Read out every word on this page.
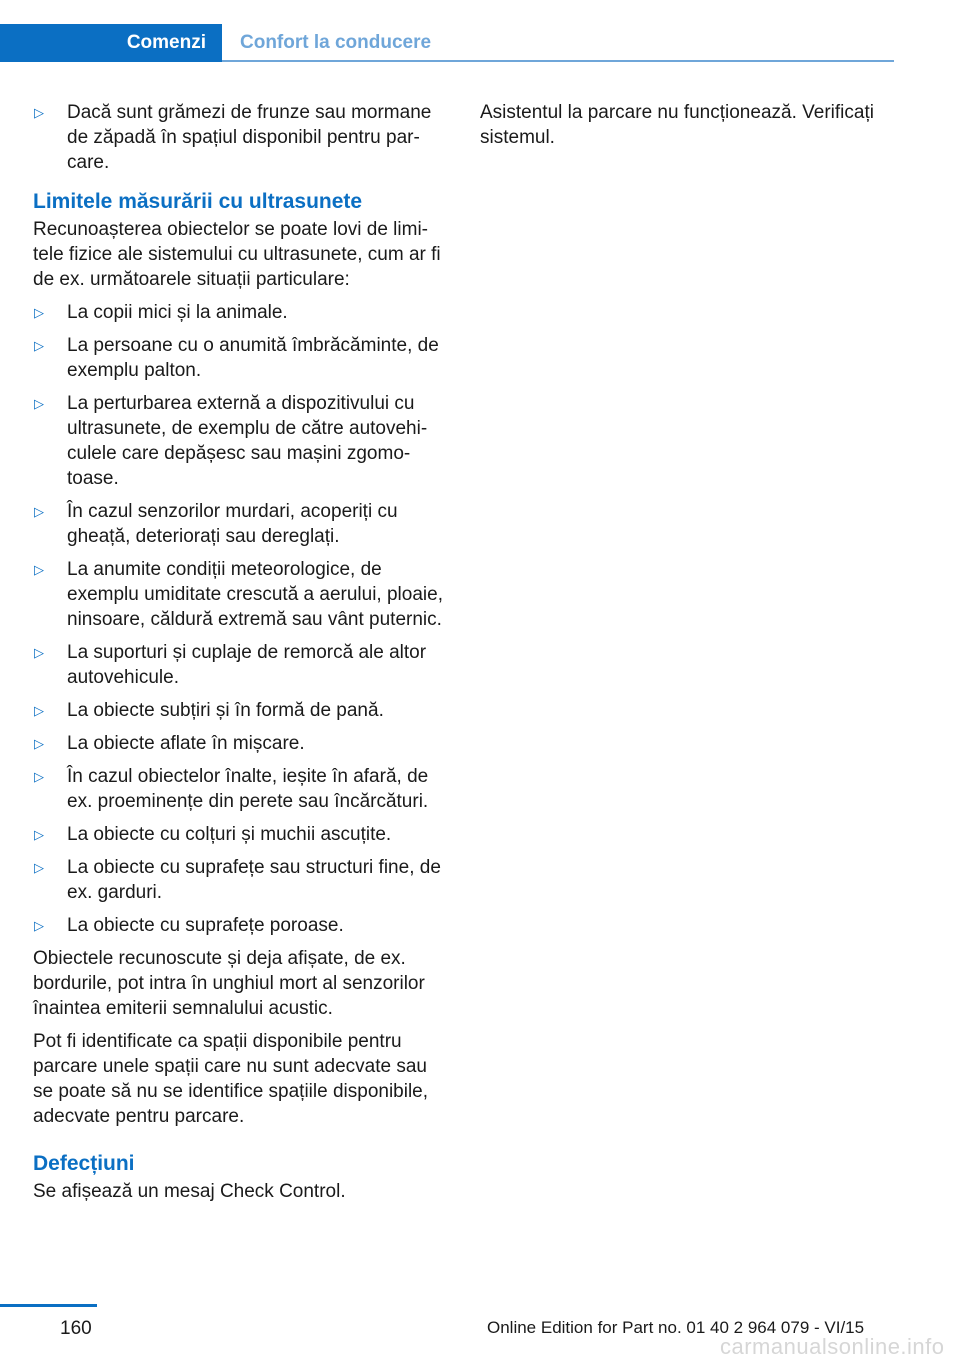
Comenzi Confort la conducere
▷	Dacă sunt grămezi de frunze sau mormane de zăpadă în spațiul disponibil pentru parcare.
Limitele măsurării cu ultrasunete
Recunoașterea obiectelor se poate lovi de limitele fizice ale sistemului cu ultrasunete, cum ar fi de ex. următoarele situații particulare:
▷	La copii mici și la animale.
▷	La persoane cu o anumită îmbrăcăminte, de exemplu palton.
▷	La perturbarea externă a dispozitivului cu ultrasunete, de exemplu de către autovehiculele care depășesc sau mașini zgomotoase.
▷	În cazul senzorilor murdari, acoperiți cu gheață, deteriorați sau dereglați.
▷	La anumite condiții meteorologice, de exemplu umiditate crescută a aerului, ploaie, ninsoare, căldură extremă sau vânt puternic.
▷	La suporturi și cuplaje de remorcă ale altor autovehicule.
▷	La obiecte subțiri și în formă de pană.
▷	La obiecte aflate în mișcare.
▷	În cazul obiectelor înalte, ieșite în afară, de ex. proeminențe din perete sau încărcături.
▷	La obiecte cu colțuri și muchii ascuțite.
▷	La obiecte cu suprafețe sau structuri fine, de ex. garduri.
▷	La obiecte cu suprafețe poroase.
Obiectele recunoscute și deja afișate, de ex. bordurile, pot intra în unghiul mort al senzorilor înaintea emiterii semnalului acustic.
Pot fi identificate ca spații disponibile pentru parcare unele spații care nu sunt adecvate sau se poate să nu se identifice spațiile disponibile, adecvate pentru parcare.
Defecțiuni
Se afișează un mesaj Check Control.
Asistentul la parcare nu funcționează. Verificați sistemul.
160	Online Edition for Part no. 01 40 2 964 079 - VI/15
carmanualsonline.info
